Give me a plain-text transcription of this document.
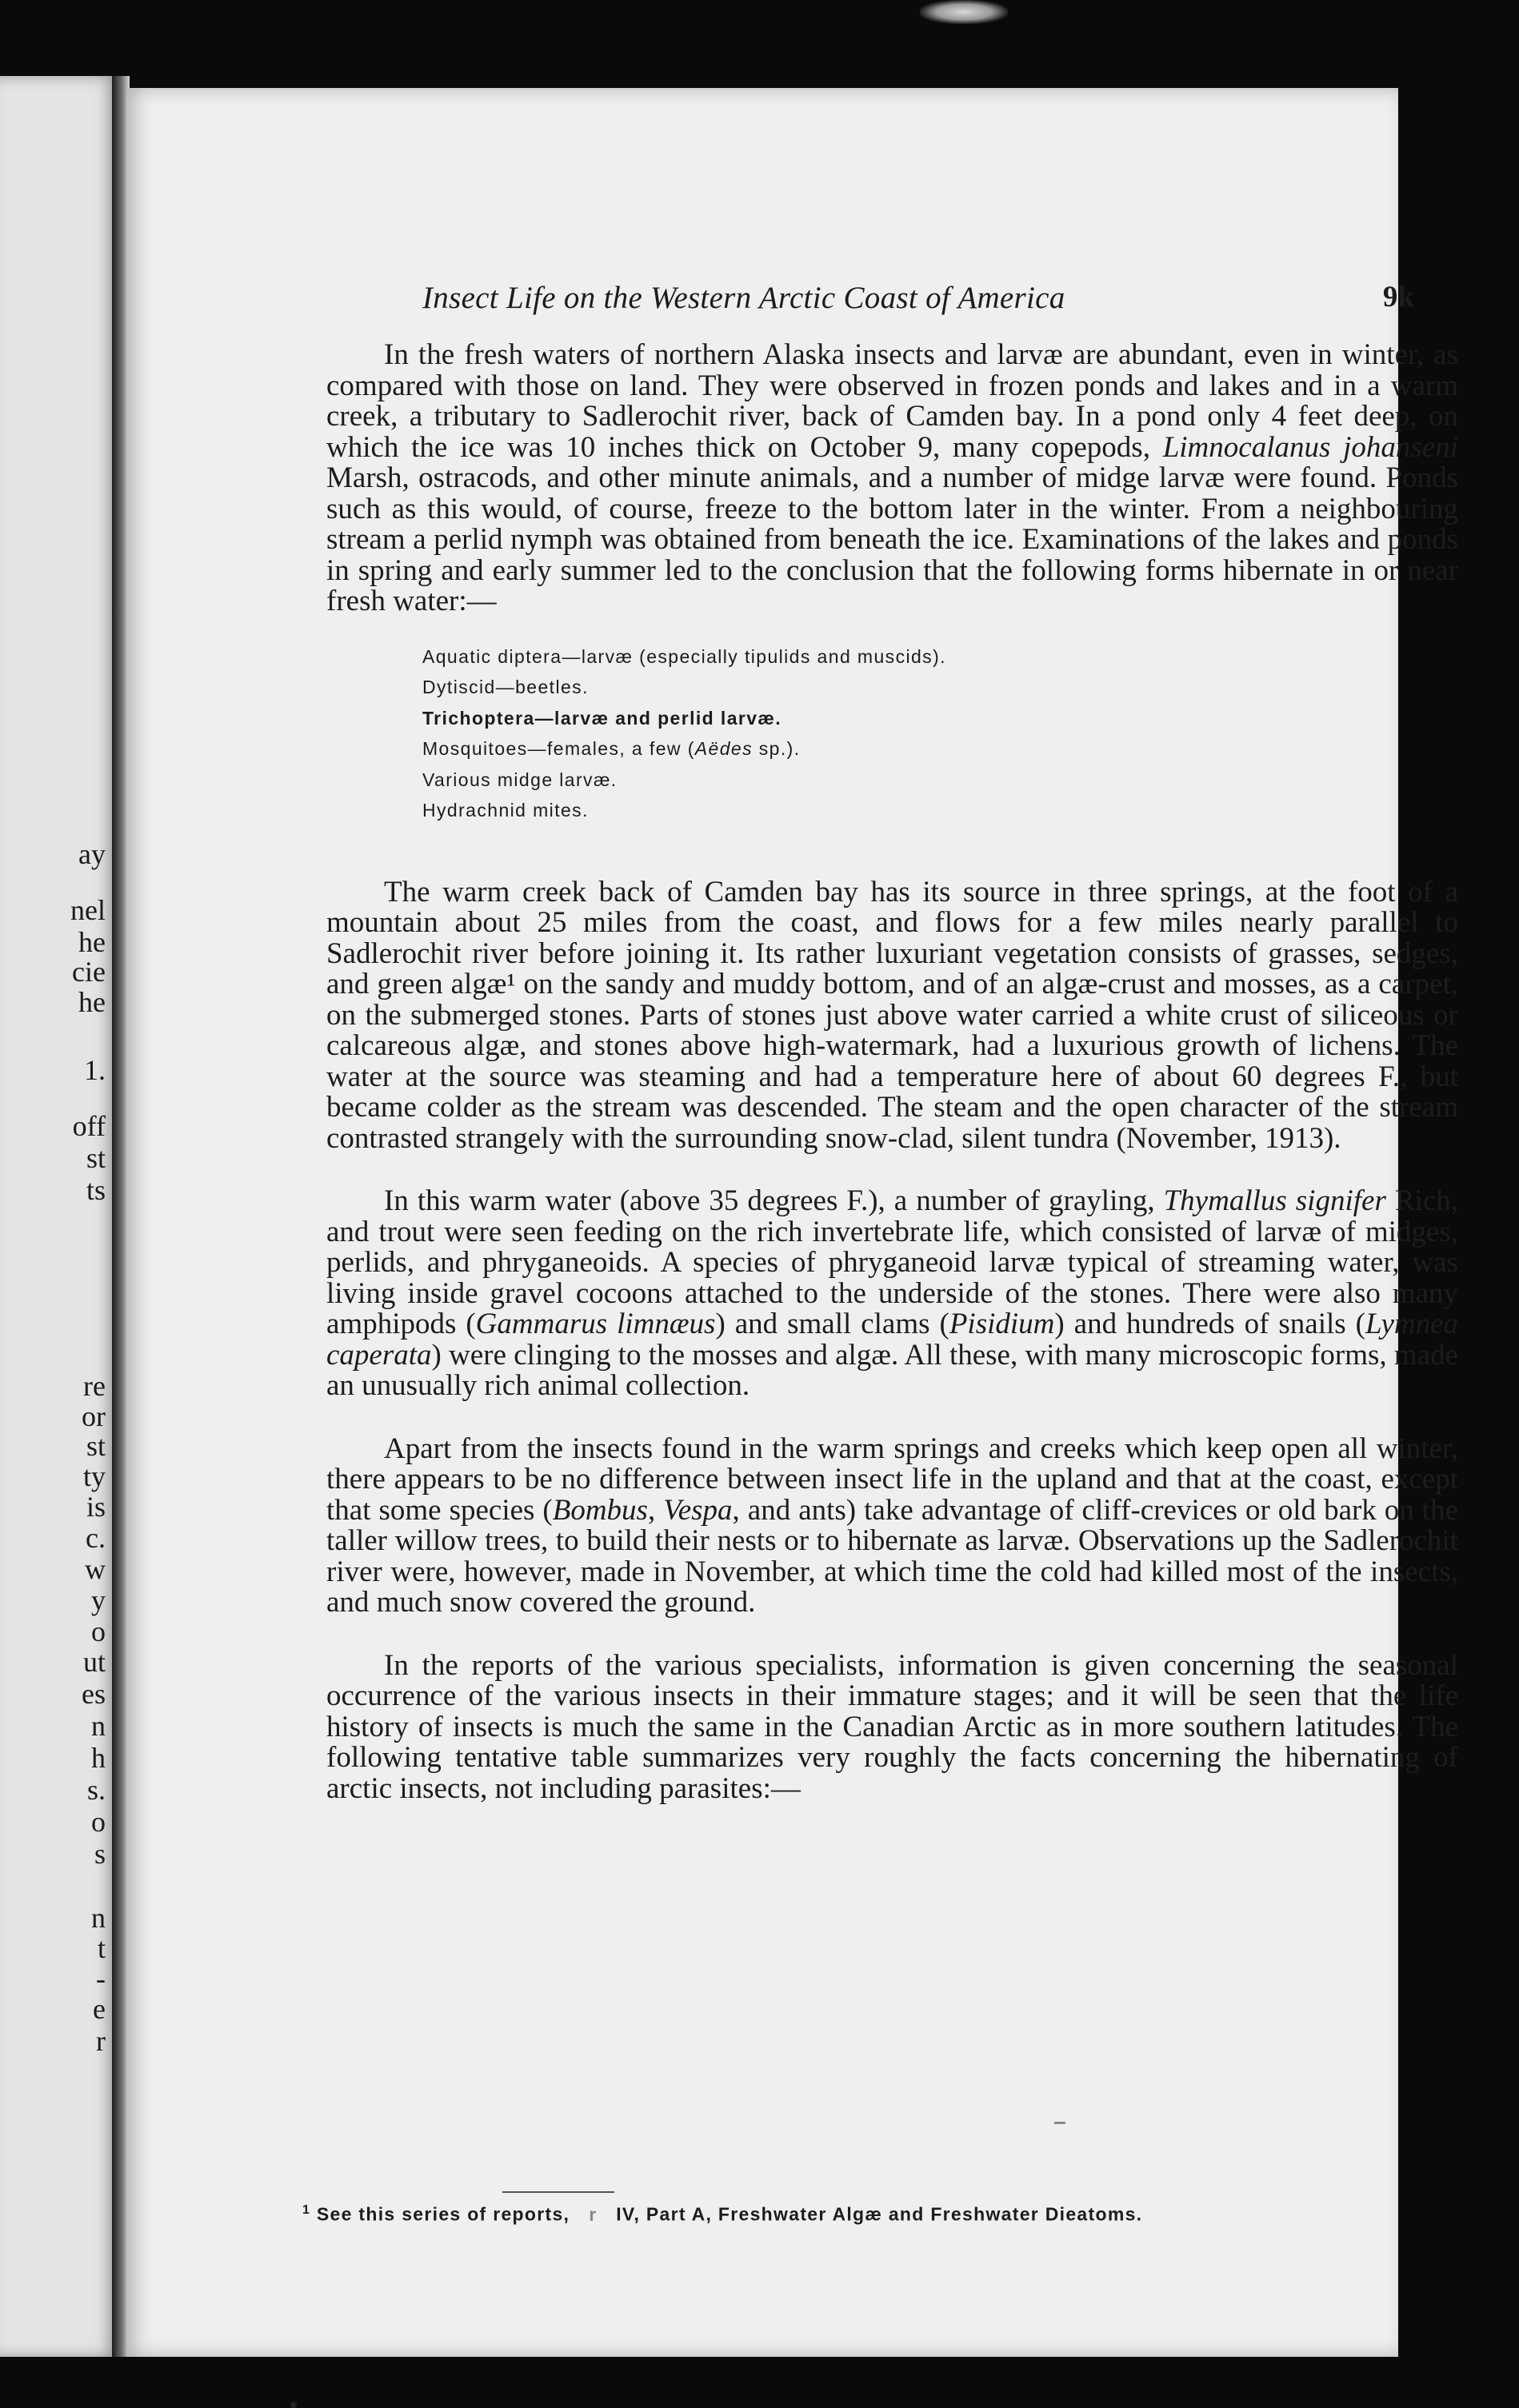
ay
nel
he
cie
he
1.
off
st
ts
re
or
st
ty
is
c.
w
y
o
ut
es
n
h
s.
o
s
n
t
-
e
r
Insect Life on the Western Arctic Coast of America	9k

In the fresh waters of northern Alaska insects and larvæ are abundant, even in winter, as compared with those on land. They were observed in frozen ponds and lakes and in a warm creek, a tributary to Sadlerochit river, back of Camden bay. In a pond only 4 feet deep, on which the ice was 10 inches thick on October 9, many copepods, Limnocalanus johanseni Marsh, ostracods, and other minute animals, and a number of midge larvæ were found. Ponds such as this would, of course, freeze to the bottom later in the winter. From a neighbouring stream a perlid nymph was obtained from beneath the ice. Examinations of the lakes and ponds in spring and early summer led to the conclusion that the following forms hibernate in or near fresh water:—

Aquatic diptera—larvæ (especially tipulids and muscids).
Dytiscid—beetles.
Trichoptera—larvæ and perlid larvæ.
Mosquitoes—females, a few (Aëdes sp.).
Various midge larvæ.
Hydrachnid mites.

The warm creek back of Camden bay has its source in three springs, at the foot of a mountain about 25 miles from the coast, and flows for a few miles nearly parallel to Sadlerochit river before joining it. Its rather luxuriant vegetation consists of grasses, sedges, and green algæ¹ on the sandy and muddy bottom, and of an algæ-crust and mosses, as a carpet, on the submerged stones. Parts of stones just above water carried a white crust of siliceous or calcareous algæ, and stones above high-watermark, had a luxurious growth of lichens. The water at the source was steaming and had a temperature here of about 60 degrees F., but became colder as the stream was descended. The steam and the open character of the stream contrasted strangely with the surrounding snow-clad, silent tundra (November, 1913).

In this warm water (above 35 degrees F.), a number of grayling, Thymallus signifer Rich, and trout were seen feeding on the rich invertebrate life, which consisted of larvæ of midges, perlids, and phryganeoids. A species of phryganeoid larvæ typical of streaming water, was living inside gravel cocoons attached to the underside of the stones. There were also many amphipods (Gammarus limnæus) and small clams (Pisidium) and hundreds of snails (Lymnea caperata) were clinging to the mosses and algæ. All these, with many microscopic forms, made an unusually rich animal collection.

Apart from the insects found in the warm springs and creeks which keep open all winter, there appears to be no difference between insect life in the upland and that at the coast, except that some species (Bombus, Vespa, and ants) take advantage of cliff-crevices or old bark on the taller willow trees, to build their nests or to hibernate as larvæ. Observations up the Sadlerochit river were, however, made in November, at which time the cold had killed most of the insects, and much snow covered the ground.

In the reports of the various specialists, information is given concerning the seasonal occurrence of the various insects in their immature stages; and it will be seen that the life history of insects is much the same in the Canadian Arctic as in more southern latitudes. The following tentative table summarizes very roughly the facts concerning the hibernating of arctic insects, not including parasites:—

$^1$ See this series of reports, r IV, Part A, Freshwater Algæ and Freshwater Dieatoms.
